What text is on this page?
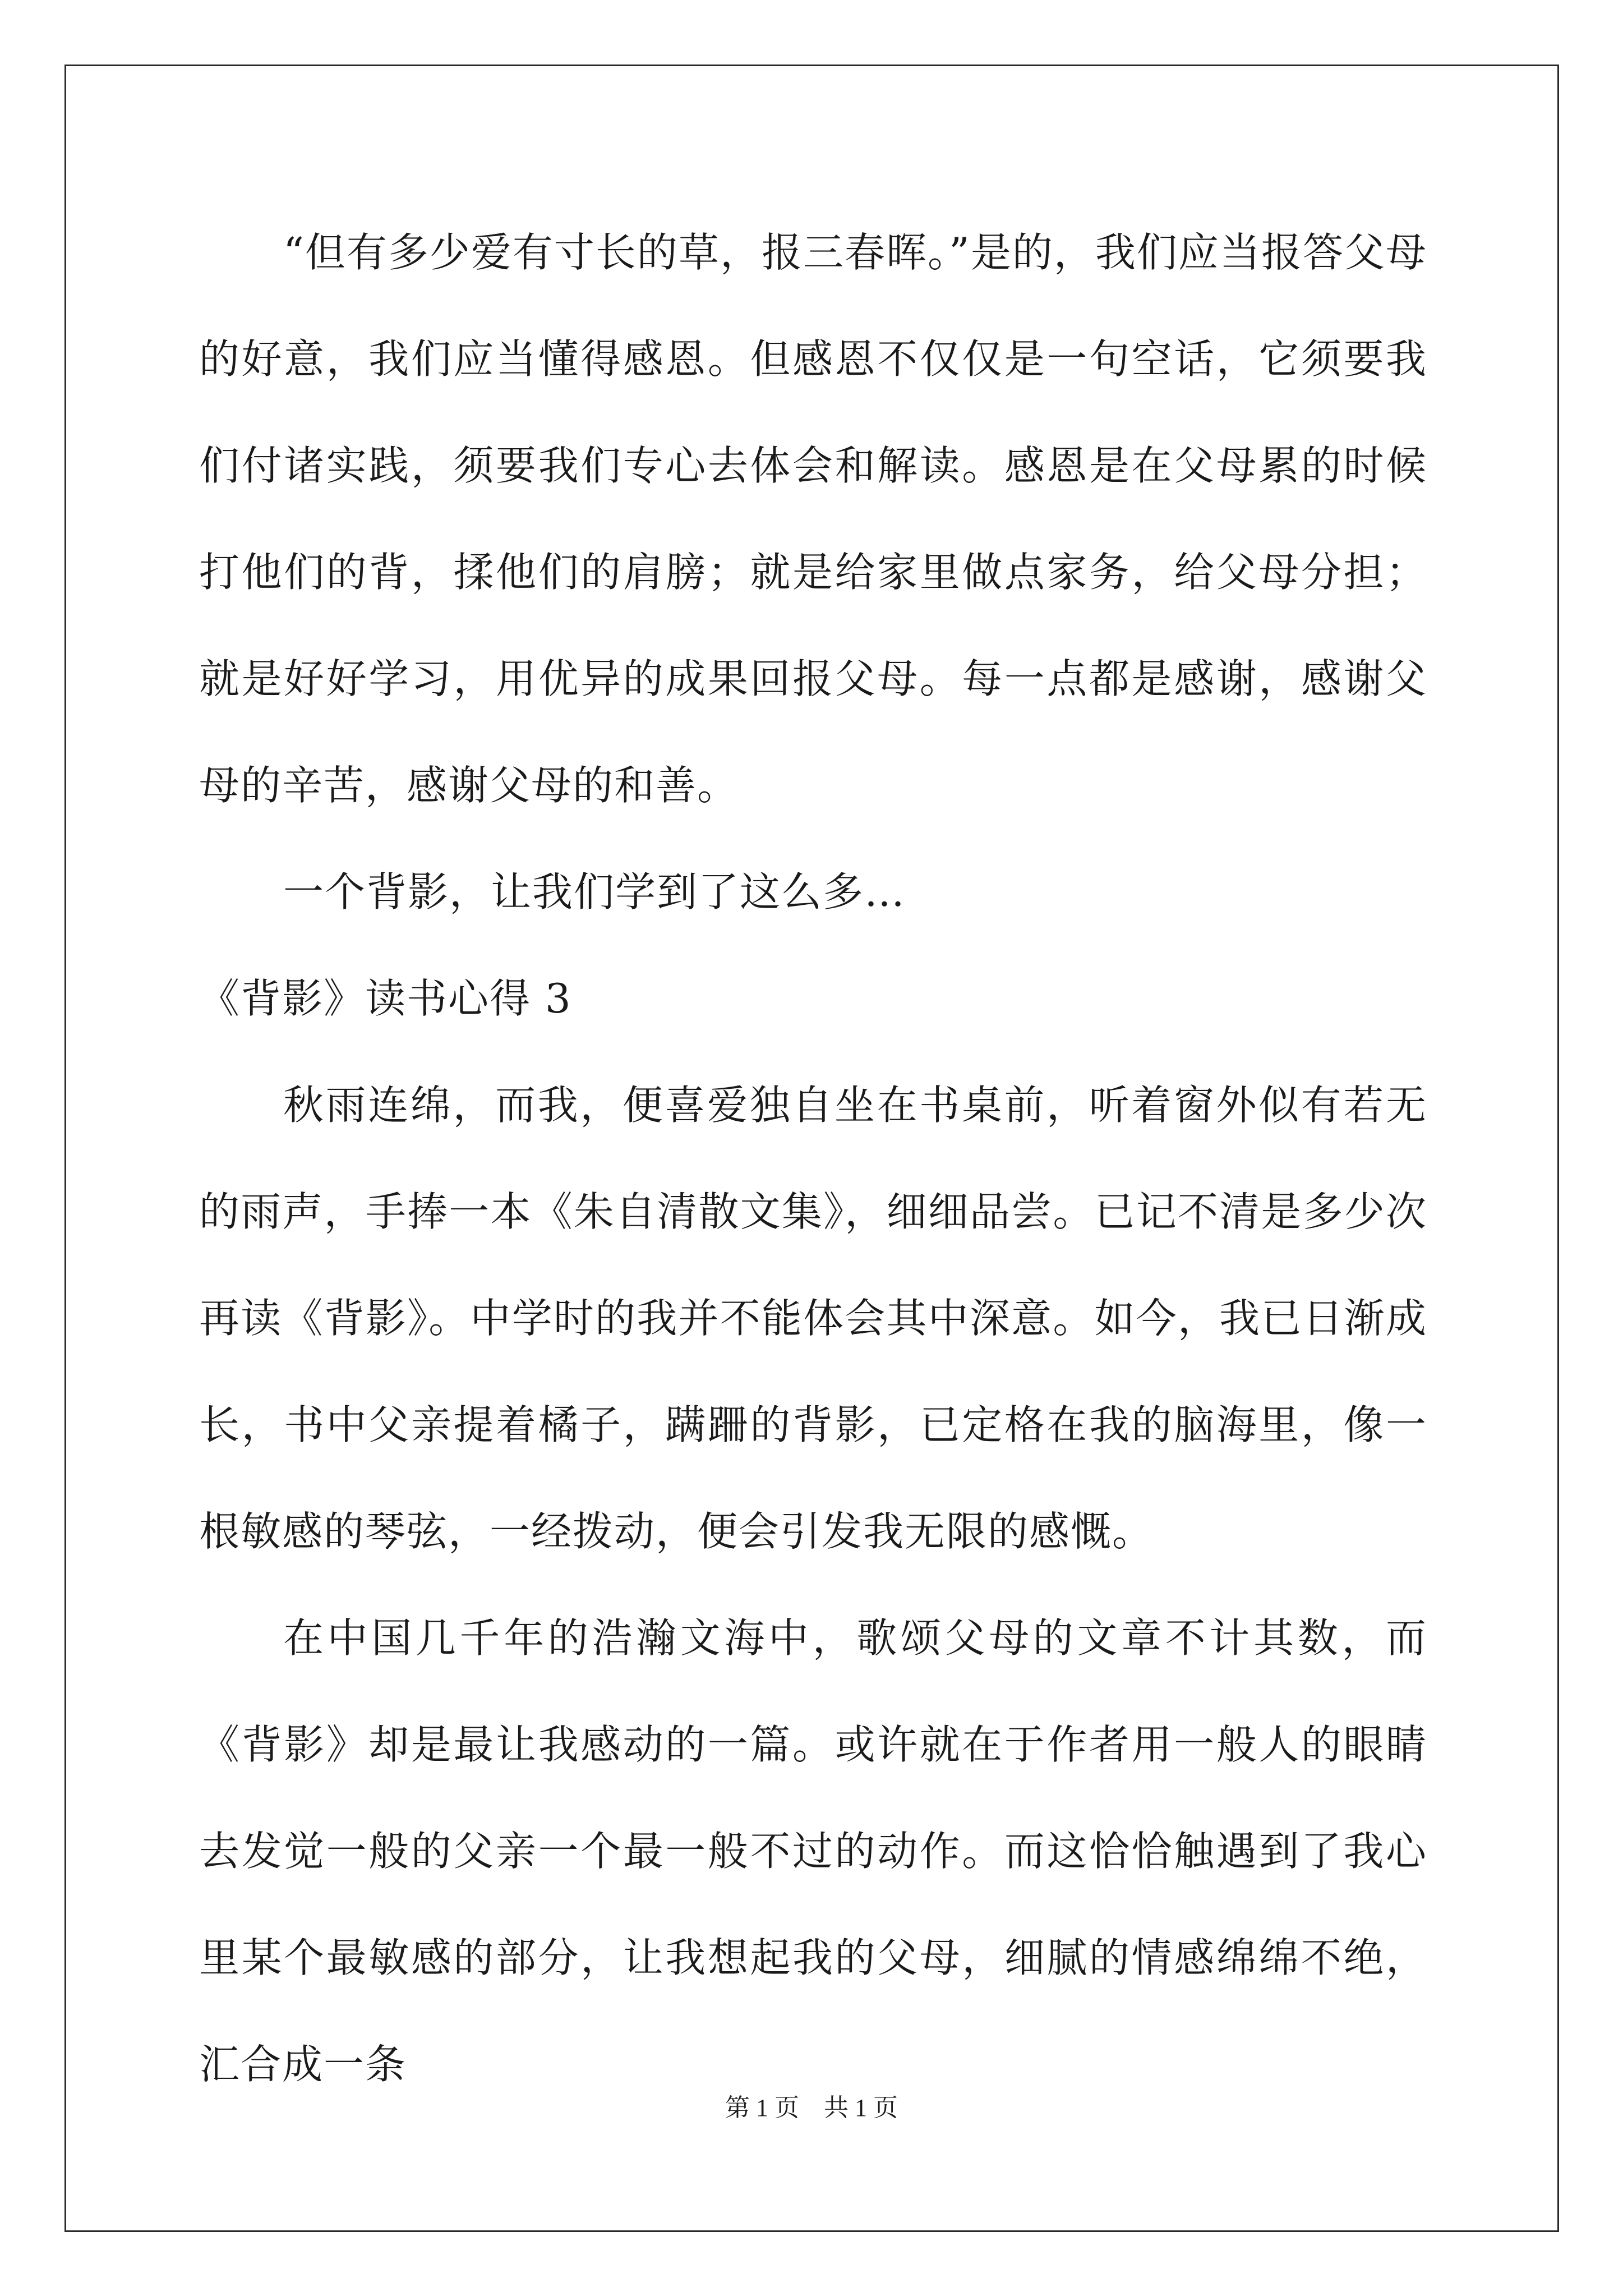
“但有多少爱有寸长的草，报三春晖。”是的，我们应当报答父母的好意，我们应当懂得感恩。但感恩不仅仅是一句空话，它须要我们付诸实践，须要我们专心去体会和解读。感恩是在父母累的时候打他们的背，揉他们的肩膀；就是给家里做点家务，给父母分担；就是好好学习，用优异的成果回报父母。每一点都是感谢，感谢父母的辛苦，感谢父母的和善。

一个背影，让我们学到了这么多…

《背影》读书心得 3

秋雨连绵，而我，便喜爱独自坐在书桌前，听着窗外似有若无的雨声，手捧一本《朱自清散文集》，细细品尝。已记不清是多少次再读《背影》。中学时的我并不能体会其中深意。如今，我已日渐成长，书中父亲提着橘子，蹒跚的背影，已定格在我的脑海里，像一根敏感的琴弦，一经拨动，便会引发我无限的感慨。

在中国几千年的浩瀚文海中，歌颂父母的文章不计其数，而《背影》却是最让我感动的一篇。或许就在于作者用一般人的眼睛去发觉一般的父亲一个最一般不过的动作。而这恰恰触遇到了我心里某个最敏感的部分，让我想起我的父母，细腻的情感绵绵不绝，汇合成一条

第 1 页　共 1 页
